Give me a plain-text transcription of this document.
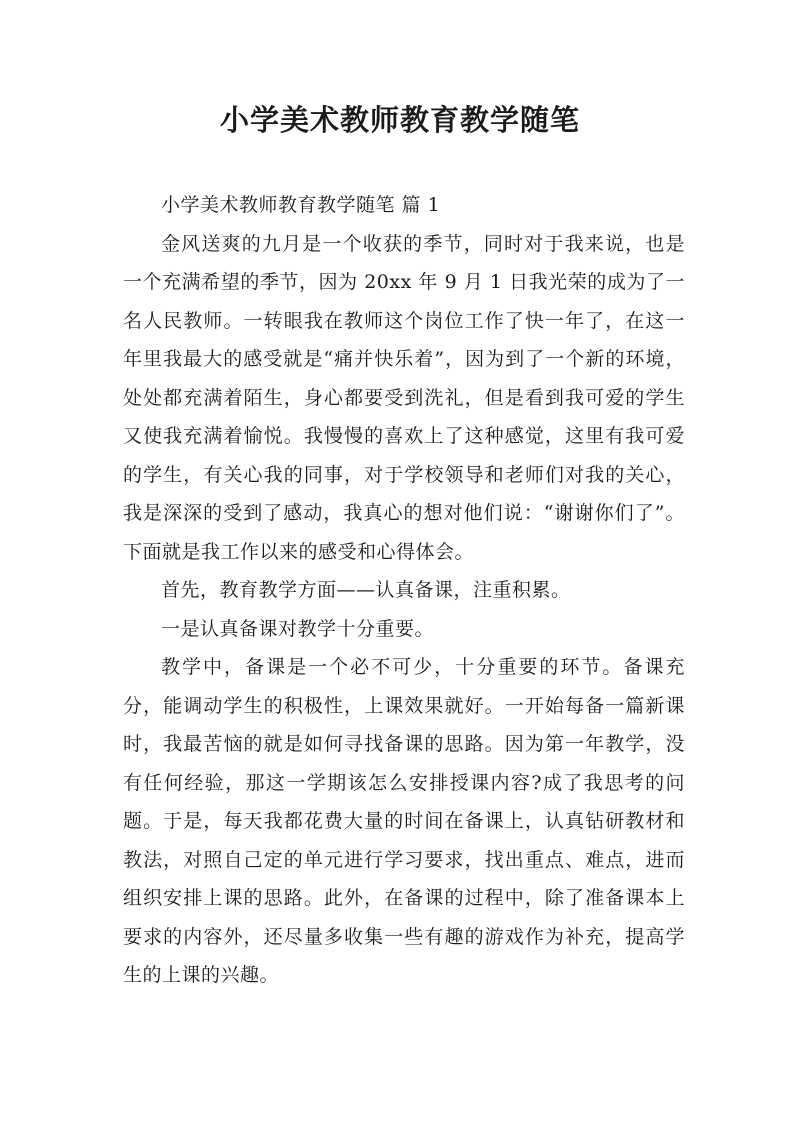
小学美术教师教育教学随笔

小学美术教师教育教学随笔 篇 1

金风送爽的九月是一个收获的季节，同时对于我来说，也是一个充满希望的季节，因为 20xx 年 9 月 1 日我光荣的成为了一名人民教师。一转眼我在教师这个岗位工作了快一年了，在这一年里我最大的感受就是“痛并快乐着”，因为到了一个新的环境，处处都充满着陌生，身心都要受到洗礼，但是看到我可爱的学生又使我充满着愉悦。我慢慢的喜欢上了这种感觉，这里有我可爱的学生，有关心我的同事，对于学校领导和老师们对我的关心，我是深深的受到了感动，我真心的想对他们说：“谢谢你们了”。下面就是我工作以来的感受和心得体会。

首先，教育教学方面——认真备课，注重积累。

一是认真备课对教学十分重要。

教学中，备课是一个必不可少，十分重要的环节。备课充分，能调动学生的积极性，上课效果就好。一开始每备一篇新课时，我最苦恼的就是如何寻找备课的思路。因为第一年教学，没有任何经验，那这一学期该怎么安排授课内容?成了我思考的问题。于是，每天我都花费大量的时间在备课上，认真钻研教材和教法，对照自己定的单元进行学习要求，找出重点、难点，进而组织安排上课的思路。此外，在备课的过程中，除了准备课本上要求的内容外，还尽量多收集一些有趣的游戏作为补充，提高学生的上课的兴趣。
